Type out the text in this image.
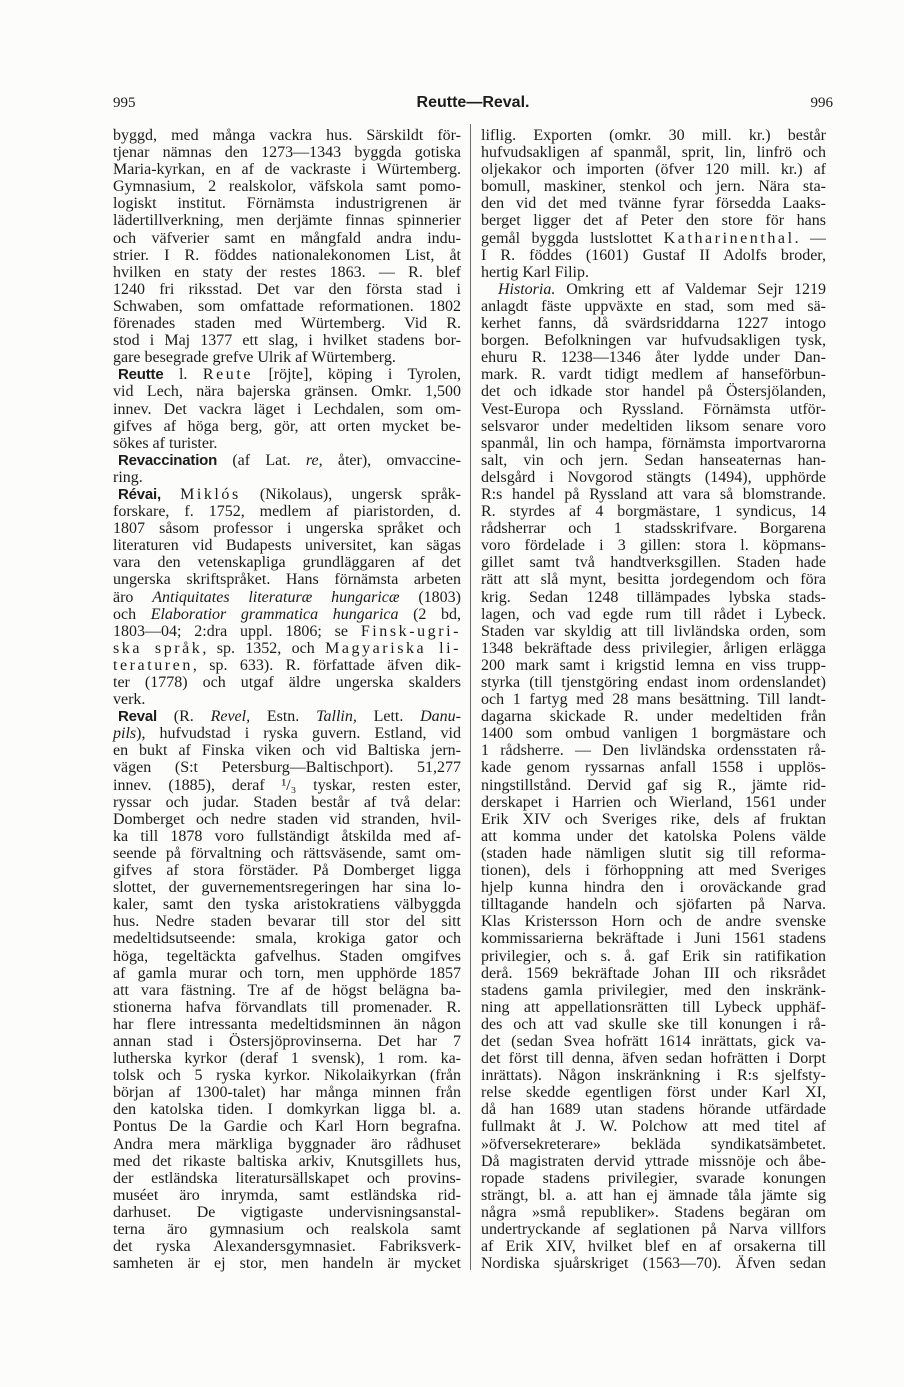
995	Reutte—Reval.	996
byggd, med många vackra hus. Särskildt för-
tjenar nämnas den 1273—1343 byggda gotiska
Maria-kyrkan, en af de vackraste i Würtemberg.
Gymnasium, 2 realskolor, väfskola samt pomo-
logiskt institut. Förnämsta industrigrenen är
lädertillverkning, men derjämte finnas spinnerier
och väfverier samt en mångfald andra indu-
strier. I R. föddes nationalekonomen List, åt
hvilken en staty der restes 1863. — R. blef
1240 fri riksstad. Det var den första stad i
Schwaben, som omfattade reformationen. 1802
förenades staden med Würtemberg. Vid R.
stod i Maj 1377 ett slag, i hvilket stadens bor-
gare besegrade grefve Ulrik af Würtemberg.
Reutte l. Reute [röjte], köping i Tyrolen,
vid Lech, nära bajerska gränsen. Omkr. 1,500
innev. Det vackra läget i Lechdalen, som om-
gifves af höga berg, gör, att orten mycket be-
sökes af turister.
Revaccination (af Lat. re, åter), omvaccine-
ring.
Révai, Miklós (Nikolaus), ungersk språk-
forskare, f. 1752, medlem af piaristorden, d.
1807 såsom professor i ungerska språket och
literaturen vid Budapests universitet, kan sägas
vara den vetenskapliga grundläggaren af det
ungerska skriftspråket. Hans förnämsta arbeten
äro Antiquitates literaturæ hungaricæ (1803)
och Elaboratior grammatica hungarica (2 bd,
1803—04; 2:dra uppl. 1806; se Finsk-ugri-
ska språk, sp. 1352, och Magyariska li-
teraturen, sp. 633). R. författade äfven dik-
ter (1778) och utgaf äldre ungerska skalders
verk.
Reval (R. Revel, Estn. Tallin, Lett. Danu-
pils), hufvudstad i ryska guvern. Estland, vid
en bukt af Finska viken och vid Baltiska jern-
vägen (S:t Petersburg—Baltischport). 51,277
innev. (1885), deraf ¹/₃ tyskar, resten ester,
ryssar och judar. Staden består af två delar:
Domberget och nedre staden vid stranden, hvil-
ka till 1878 voro fullständigt åtskilda med af-
seende på förvaltning och rättsväsende, samt om-
gifves af stora förstäder. På Domberget ligga
slottet, der guvernementsregeringen har sina lo-
kaler, samt den tyska aristokratiens välbyggda
hus. Nedre staden bevarar till stor del sitt
medeltidsutseende: smala, krokiga gator och
höga, tegeltäckta gafvelhus. Staden omgifves
af gamla murar och torn, men upphörde 1857
att vara fästning. Tre af de högst belägna ba-
stionerna hafva förvandlats till promenader. R.
har flere intressanta medeltidsminnen än någon
annan stad i Östersjöprovinserna. Det har 7
lutherska kyrkor (deraf 1 svensk), 1 rom. ka-
tolsk och 5 ryska kyrkor. Nikolaikyrkan (från
början af 1300-talet) har många minnen från
den katolska tiden. I domkyrkan ligga bl. a.
Pontus De la Gardie och Karl Horn begrafna.
Andra mera märkliga byggnader äro rådhuset
med det rikaste baltiska arkiv, Knutsgillets hus,
der estländska literatursällskapet och provins-
muséet äro inrymda, samt estländska rid-
darhuset. De vigtigaste undervisningsanstal-
terna äro gymnasium och realskola samt
det ryska Alexandersgymnasiet. Fabriksverk-
samheten är ej stor, men handeln är mycket
liflig. Exporten (omkr. 30 mill. kr.) består
hufvudsakligen af spanmål, sprit, lin, linfrö och
oljekakor och importen (öfver 120 mill. kr.) af
bomull, maskiner, stenkol och jern. Nära sta-
den vid det med tvänne fyrar försedda Laaks-
berget ligger det af Peter den store för hans
gemål byggda lustslottet Katharinenthal. —
I R. föddes (1601) Gustaf II Adolfs broder,
hertig Karl Filip.
Historia. Omkring ett af Valdemar Sejr 1219
anlagdt fäste uppväxte en stad, som med sä-
kerhet fanns, då svärdsriddarna 1227 intogo
borgen. Befolkningen var hufvudsakligen tysk,
ehuru R. 1238—1346 åter lydde under Dan-
mark. R. vardt tidigt medlem af hanseförbun-
det och idkade stor handel på Östersjölanden,
Vest-Europa och Ryssland. Förnämsta utför-
selsvaror under medeltiden liksom senare voro
spanmål, lin och hampa, förnämsta importvarorna
salt, vin och jern. Sedan hanseaternas han-
delsgård i Novgorod stängts (1494), upphörde
R:s handel på Ryssland att vara så blomstrande.
R. styrdes af 4 borgmästare, 1 syndicus, 14
rådsherrar och 1 stadsskrifvare. Borgarena
voro fördelade i 3 gillen: stora l. köpmans-
gillet samt två handtverksgillen. Staden hade
rätt att slå mynt, besitta jordegendom och föra
krig. Sedan 1248 tillämpades lybska stads-
lagen, och vad egde rum till rådet i Lybeck.
Staden var skyldig att till livländska orden, som
1348 bekräftade dess privilegier, årligen erlägga
200 mark samt i krigstid lemna en viss trupp-
styrka (till tjenstgöring endast inom ordenslandet)
och 1 fartyg med 28 mans besättning. Till landt-
dagarna skickade R. under medeltiden från
1400 som ombud vanligen 1 borgmästare och
1 rådsherre. — Den livländska ordensstaten rå-
kade genom ryssarnas anfall 1558 i upplös-
ningstillstånd. Dervid gaf sig R., jämte rid-
derskapet i Harrien och Wierland, 1561 under
Erik XIV och Sveriges rike, dels af fruktan
att komma under det katolska Polens välde
(staden hade nämligen slutit sig till reforma-
tionen), dels i förhoppning att med Sveriges
hjelp kunna hindra den i oroväckande grad
tilltagande handeln och sjöfarten på Narva.
Klas Kristersson Horn och de andre svenske
kommissarierna bekräftade i Juni 1561 stadens
privilegier, och s. å. gaf Erik sin ratifikation
derå. 1569 bekräftade Johan III och riksrådet
stadens gamla privilegier, med den inskränk-
ning att appellationsrätten till Lybeck upphäf-
des och att vad skulle ske till konungen i rå-
det (sedan Svea hofrätt 1614 inrättats, gick va-
det först till denna, äfven sedan hofrätten i Dorpt
inrättats). Någon inskränkning i R:s sjelfsty-
relse skedde egentligen först under Karl XI,
då han 1689 utan stadens hörande utfärdade
fullmakt åt J. W. Polchow att med titel af
»öfversekreterare» bekläda syndikatsämbetet.
Då magistraten dervid yttrade missnöje och åbe-
ropade stadens privilegier, svarade konungen
strängt, bl. a. att han ej ämnade tåla jämte sig
några »små republiker». Stadens begäran om
undertryckande af seglationen på Narva villfors
af Erik XIV, hvilket blef en af orsakerna till
Nordiska sjuårskriget (1563—70). Äfven sedan
